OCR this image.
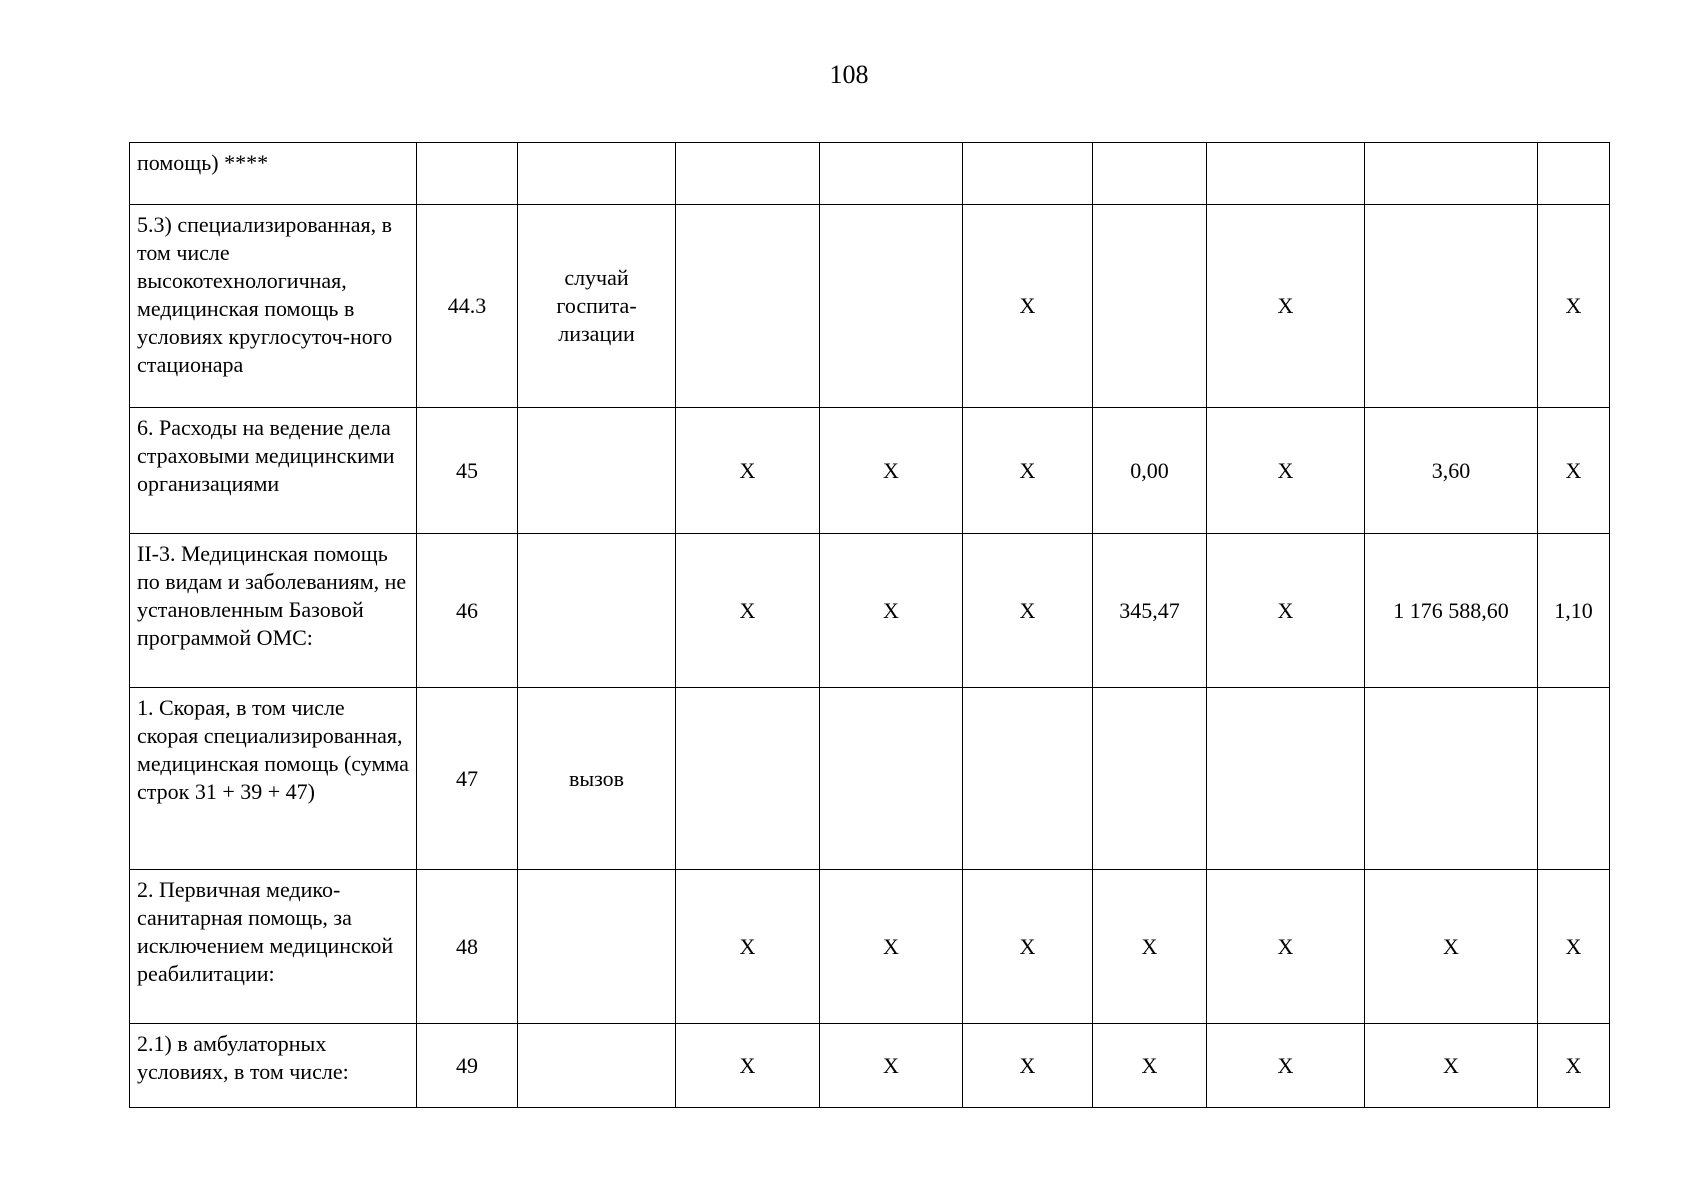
108
помощь) ****									
5.3) специализированная, в том числе высокотехнологичная, медицинская помощь в условиях круглосуточ-ного стационара	44.3	случай
госпита-
лизации			X		X		X
6. Расходы на ведение дела страховыми медицинскими организациями	45		X	X	X	0,00	X	3,60	X
II-3. Медицинская помощь по видам и заболеваниям, не установленным Базовой программой ОМС:	46		X	X	X	345,47	X	1 176 588,60	1,10
1. Скорая, в том числе скорая специализированная, медицинская помощь (сумма строк 31 + 39 + 47)	47	вызов							

2. Первичная медико-санитарная помощь, за исключением медицинской реабилитации:	48		X	X	X	X	X	X	X
2.1) в амбулаторных условиях, в том числе:	49		X	X	X	X	X	X	X
